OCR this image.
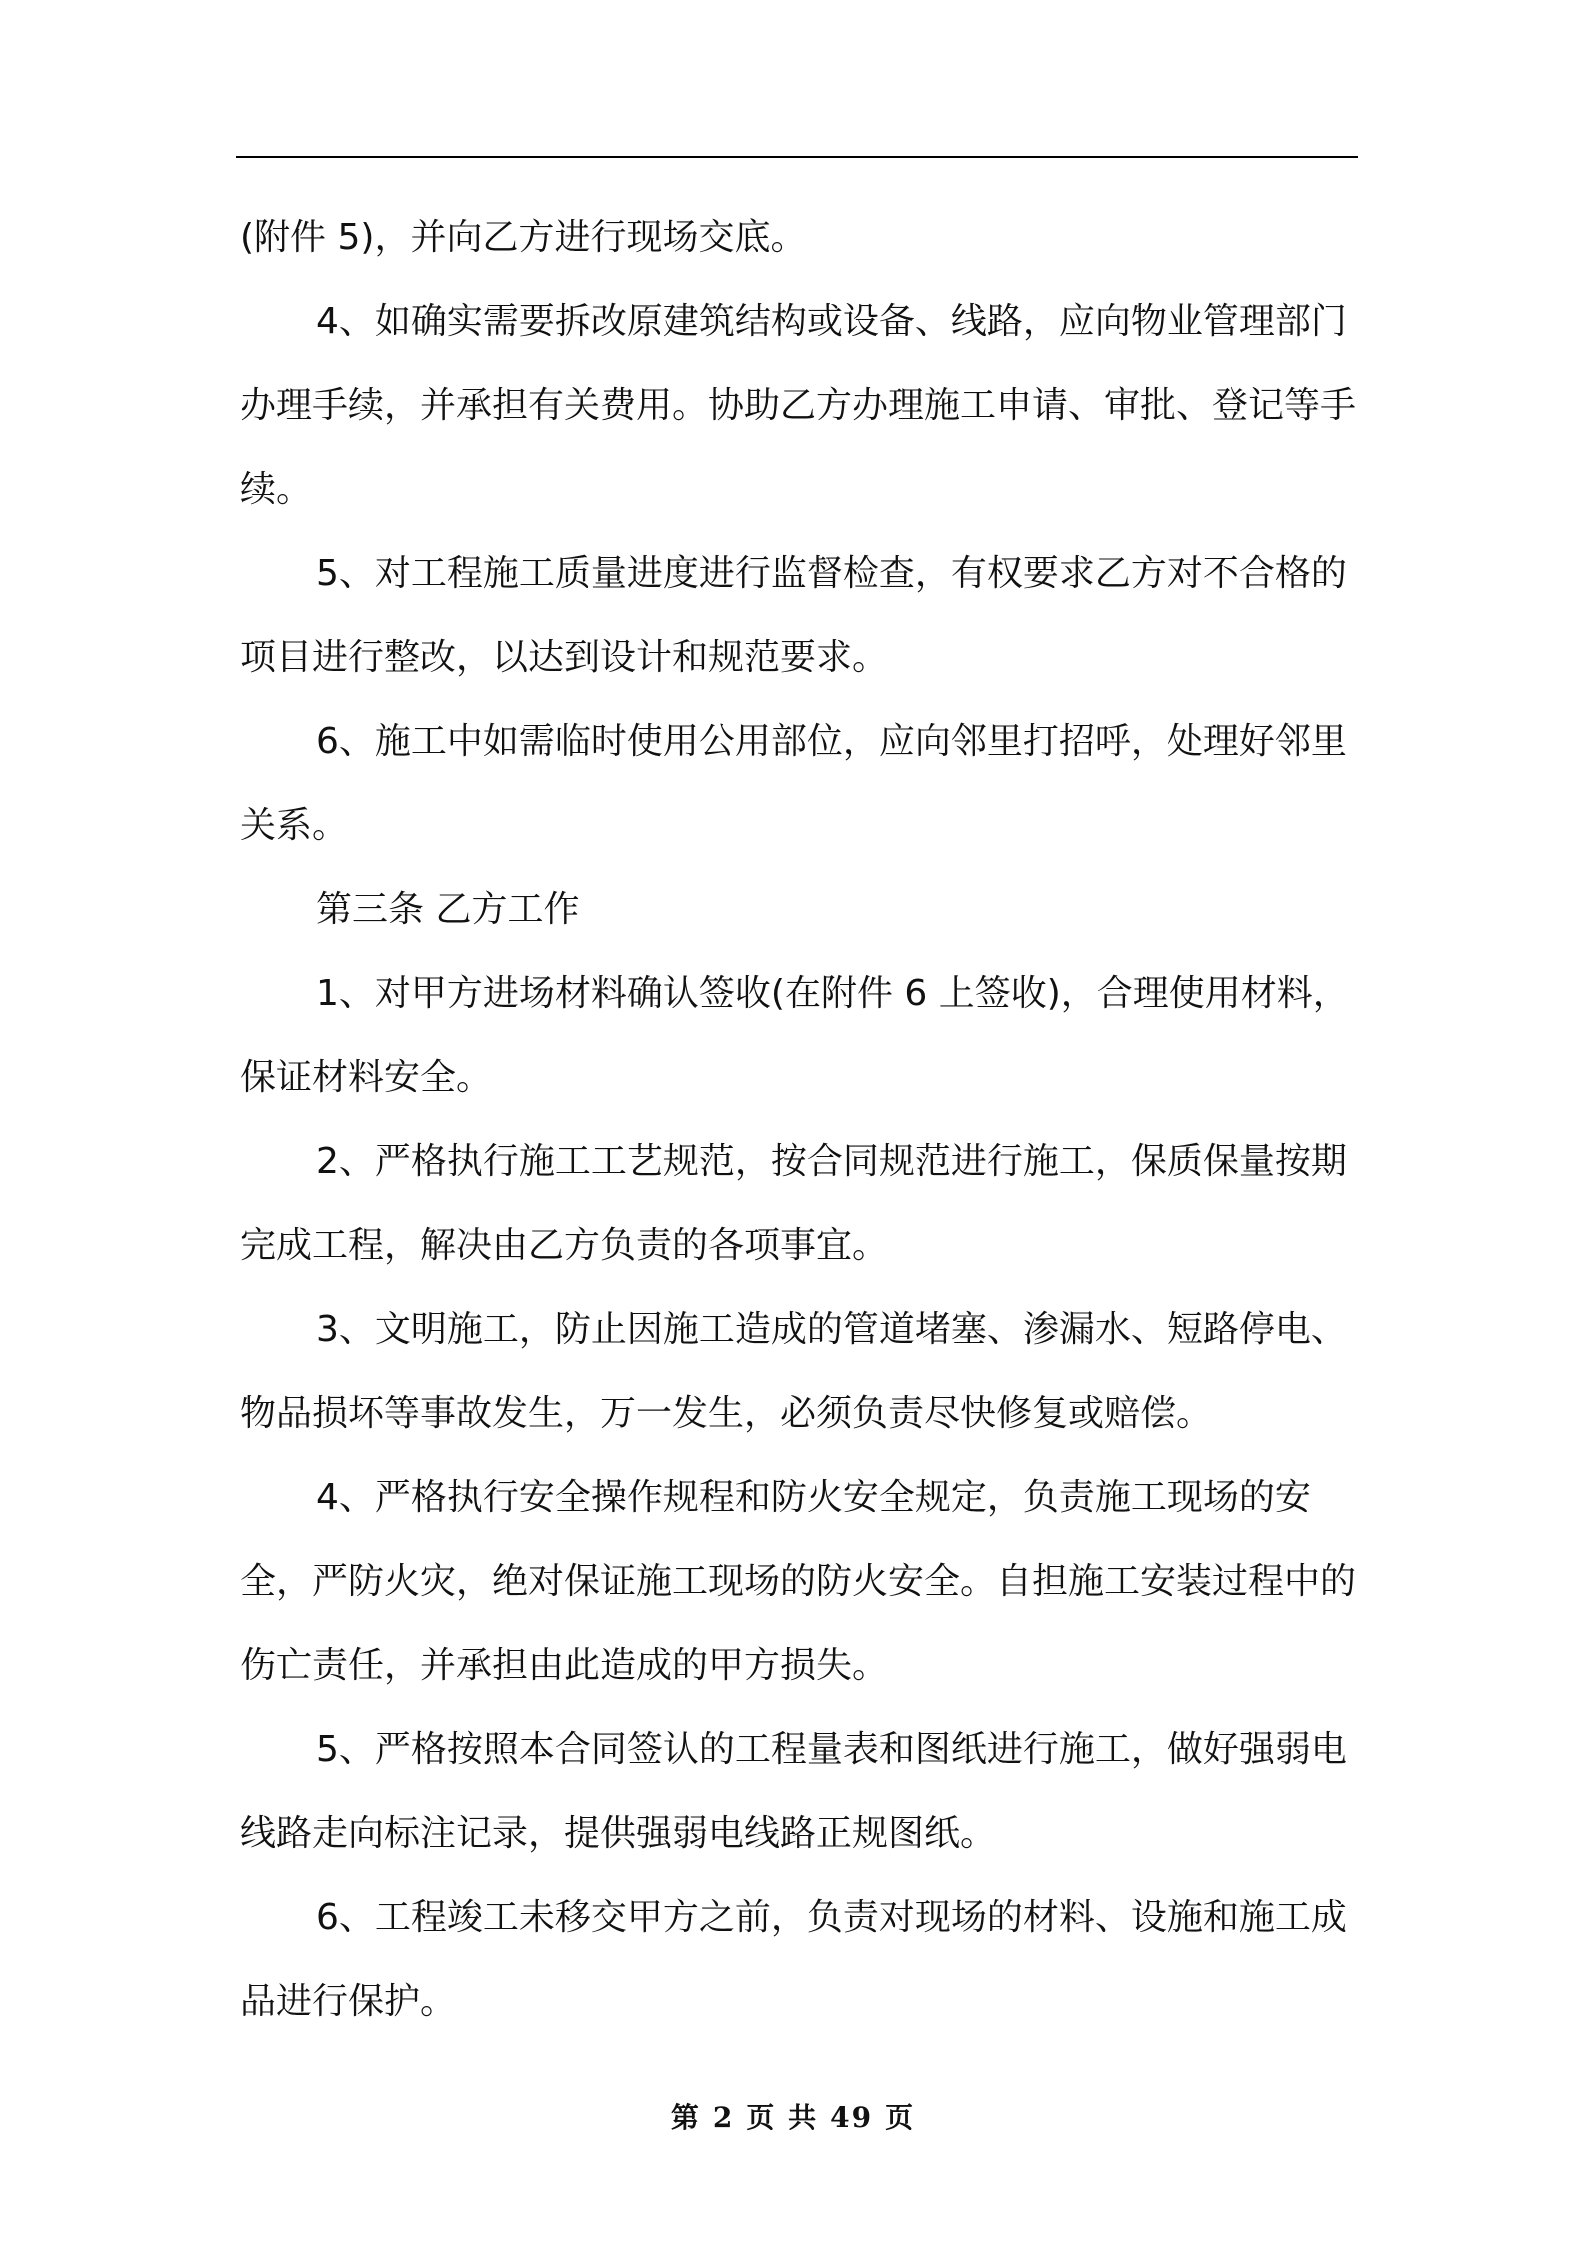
(附件 5)，并向乙方进行现场交底。

4、如确实需要拆改原建筑结构或设备、线路，应向物业管理部门办理手续，并承担有关费用。协助乙方办理施工申请、审批、登记等手续。

5、对工程施工质量进度进行监督检查，有权要求乙方对不合格的项目进行整改，以达到设计和规范要求。

6、施工中如需临时使用公用部位，应向邻里打招呼，处理好邻里关系。

第三条 乙方工作

1、对甲方进场材料确认签收(在附件 6 上签收)，合理使用材料，保证材料安全。

2、严格执行施工工艺规范，按合同规范进行施工，保质保量按期完成工程，解决由乙方负责的各项事宜。

3、文明施工，防止因施工造成的管道堵塞、渗漏水、短路停电、物品损坏等事故发生，万一发生，必须负责尽快修复或赔偿。

4、严格执行安全操作规程和防火安全规定，负责施工现场的安全，严防火灾，绝对保证施工现场的防火安全。自担施工安装过程中的伤亡责任，并承担由此造成的甲方损失。

5、严格按照本合同签认的工程量表和图纸进行施工，做好强弱电线路走向标注记录，提供强弱电线路正规图纸。

6、工程竣工未移交甲方之前，负责对现场的材料、设施和施工成品进行保护。

第 2 页 共 49 页
